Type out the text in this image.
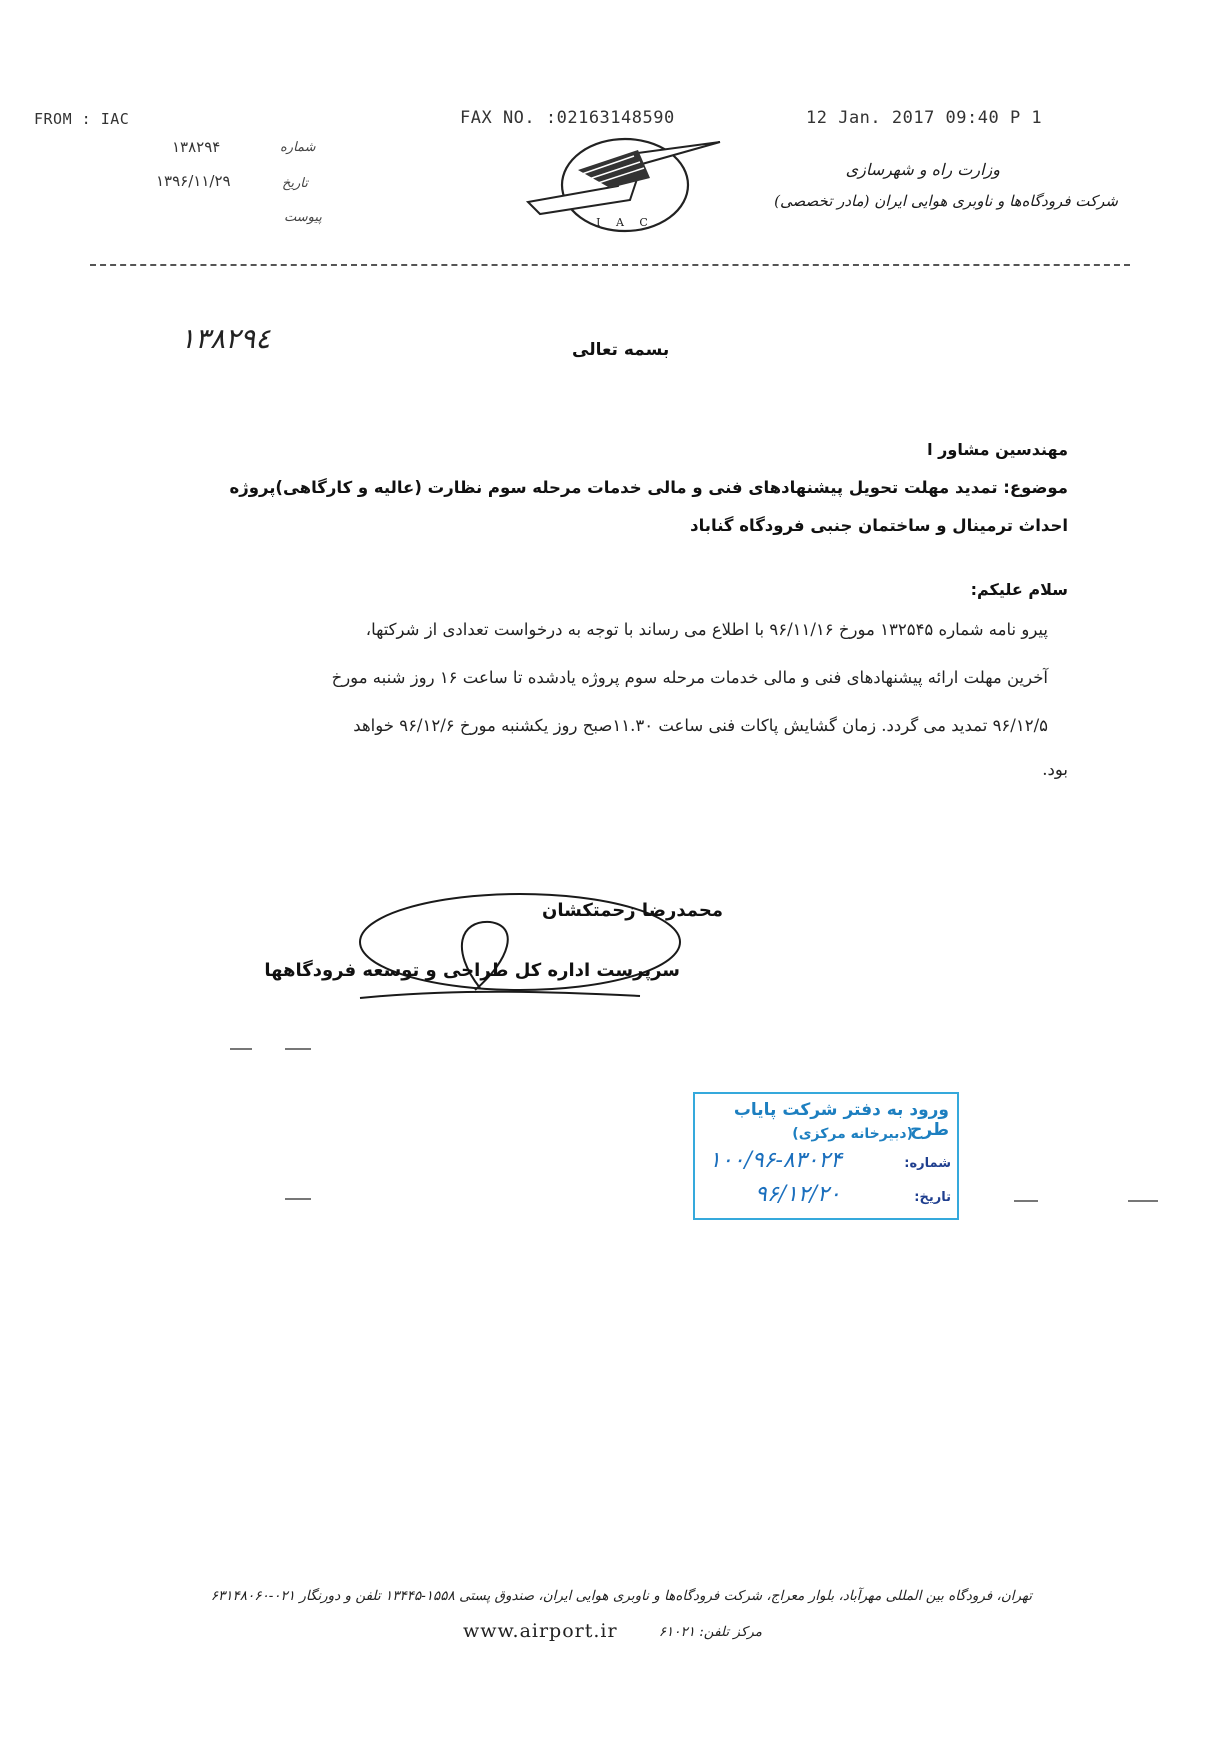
FROM : IAC	FAX NO. :02163148590	12 Jan. 2017 09:40 P 1
شماره
۱۳۸۲۹۴
تاریخ
۱۳۹۶/۱۱/۲۹
پیوست	I A C
وزارت راه و شهرسازی
شرکت فرودگاه‌ها و ناوبری هوایی ایران (مادر تخصصی)
۱۳۸۲۹٤	بسمه تعالی
مهندسین مشاور ا
موضوع: تمدید مهلت تحویل پیشنهادهای فنی و مالی خدمات مرحله سوم نظارت (عالیه و کارگاهی)پروژه
احداث ترمینال و ساختمان جنبی فرودگاه گناباد
سلام علیکم:
پیرو نامه شماره ۱۳۲۵۴۵ مورخ ۹۶/۱۱/۱۶ با اطلاع می رساند با توجه به درخواست تعدادی از شرکتها،
آخرین مهلت ارائه پیشنهادهای فنی و مالی خدمات مرحله سوم پروژه یادشده تا ساعت ۱۶ روز شنبه مورخ
۹۶/۱۲/۵ تمدید می گردد. زمان گشایش پاکات فنی ساعت ۱۱.۳۰صبح روز یکشنبه مورخ ۹۶/۱۲/۶ خواهد
بود.
محمدرضا زحمتکشان
سرپرست اداره کل طراحی و توسعه فرودگاهها
ورود به دفتر شرکت پایاب طرح
(دبیرخانه مرکزی)
شماره:
۱۰۰/۹۶-۸۳۰۲۴
تاریخ:
۹۶/۱۲/۲۰
تهران، فرودگاه بین المللی مهرآباد، بلوار معراج، شرکت فرودگاه‌ها و ناوبری هوایی ایران، صندوق پستی ۱۵۵۸-۱۳۴۴۵ تلفن و دورنگار ۰۲۱-۶۳۱۴۸۰۶۰
مرکز تلفن: ۶۱۰۲۱
www.airport.ir
